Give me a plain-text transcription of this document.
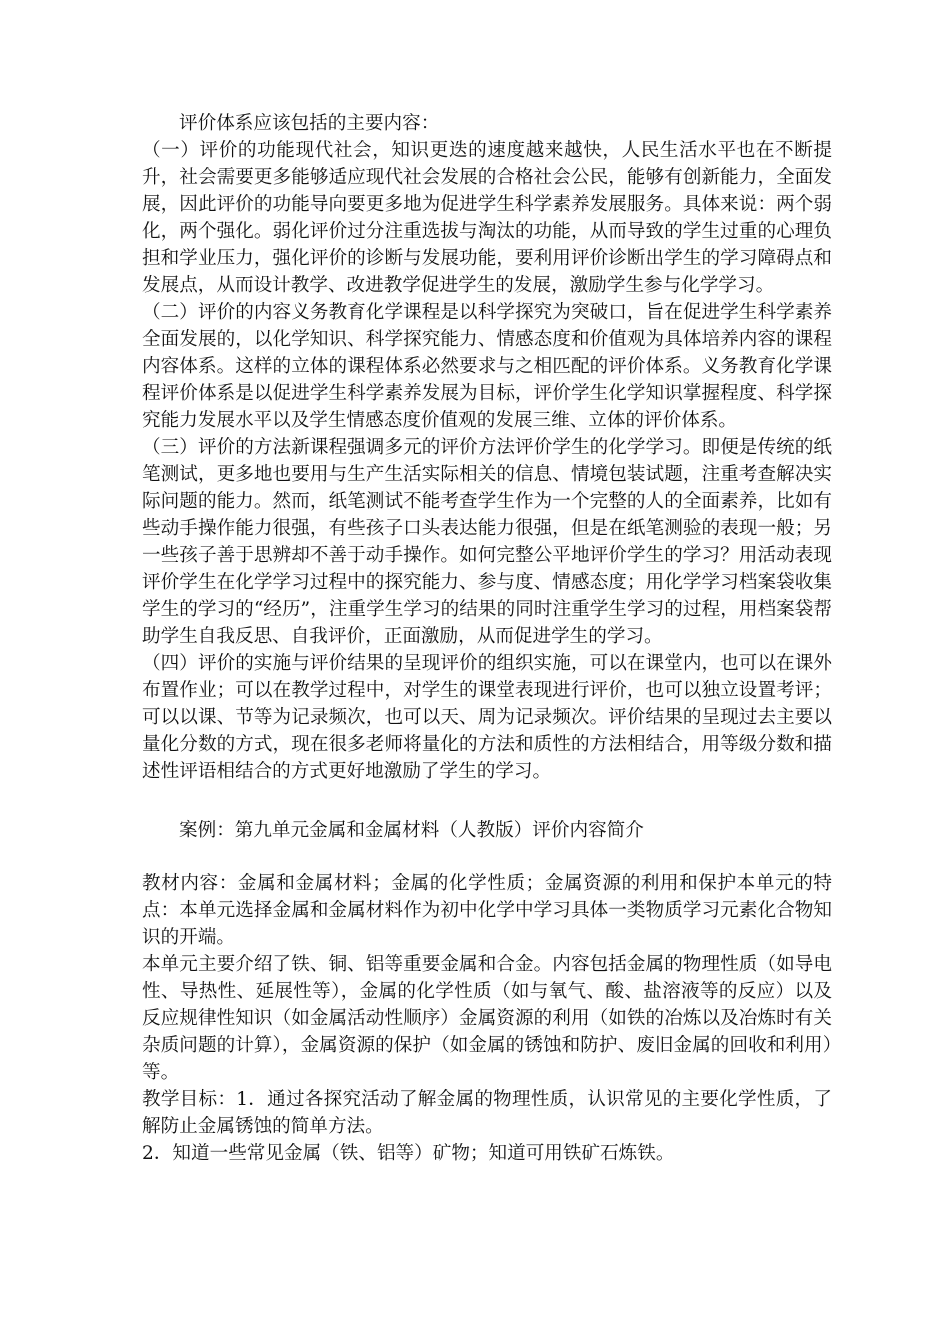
评价体系应该包括的主要内容：

（一）评价的功能现代社会，知识更迭的速度越来越快，人民生活水平也在不断提升，社会需要更多能够适应现代社会发展的合格社会公民，能够有创新能力，全面发展，因此评价的功能导向要更多地为促进学生科学素养发展服务。具体来说：两个弱化，两个强化。弱化评价过分注重选拔与淘汰的功能，从而导致的学生过重的心理负担和学业压力，强化评价的诊断与发展功能，要利用评价诊断出学生的学习障碍点和发展点，从而设计教学、改进教学促进学生的发展，激励学生参与化学学习。

（二）评价的内容义务教育化学课程是以科学探究为突破口，旨在促进学生科学素养全面发展的，以化学知识、科学探究能力、情感态度和价值观为具体培养内容的课程内容体系。这样的立体的课程体系必然要求与之相匹配的评价体系。义务教育化学课程评价体系是以促进学生科学素养发展为目标，评价学生化学知识掌握程度、科学探究能力发展水平以及学生情感态度价值观的发展三维、立体的评价体系。

（三）评价的方法新课程强调多元的评价方法评价学生的化学学习。即便是传统的纸笔测试，更多地也要用与生产生活实际相关的信息、情境包装试题，注重考查解决实际问题的能力。然而，纸笔测试不能考查学生作为一个完整的人的全面素养，比如有些动手操作能力很强，有些孩子口头表达能力很强，但是在纸笔测验的表现一般；另一些孩子善于思辨却不善于动手操作。如何完整公平地评价学生的学习？用活动表现评价学生在化学学习过程中的探究能力、参与度、情感态度；用化学学习档案袋收集学生的学习的“经历”，注重学生学习的结果的同时注重学生学习的过程，用档案袋帮助学生自我反思、自我评价，正面激励，从而促进学生的学习。

（四）评价的实施与评价结果的呈现评价的组织实施，可以在课堂内，也可以在课外布置作业；可以在教学过程中，对学生的课堂表现进行评价，也可以独立设置考评；可以以课、节等为记录频次，也可以天、周为记录频次。评价结果的呈现过去主要以量化分数的方式，现在很多老师将量化的方法和质性的方法相结合，用等级分数和描述性评语相结合的方式更好地激励了学生的学习。

案例：第九单元金属和金属材料（人教版）评价内容简介

教材内容：金属和金属材料；金属的化学性质；金属资源的利用和保护本单元的特点：本单元选择金属和金属材料作为初中化学中学习具体一类物质学习元素化合物知识的开端。

本单元主要介绍了铁、铜、铝等重要金属和合金。内容包括金属的物理性质（如导电性、导热性、延展性等），金属的化学性质（如与氧气、酸、盐溶液等的反应）以及反应规律性知识（如金属活动性顺序）金属资源的利用（如铁的冶炼以及冶炼时有关杂质问题的计算），金属资源的保护（如金属的锈蚀和防护、废旧金属的回收和利用）等。

教学目标：1．通过各探究活动了解金属的物理性质，认识常见的主要化学性质，了解防止金属锈蚀的简单方法。

2．知道一些常见金属（铁、铝等）矿物；知道可用铁矿石炼铁。
